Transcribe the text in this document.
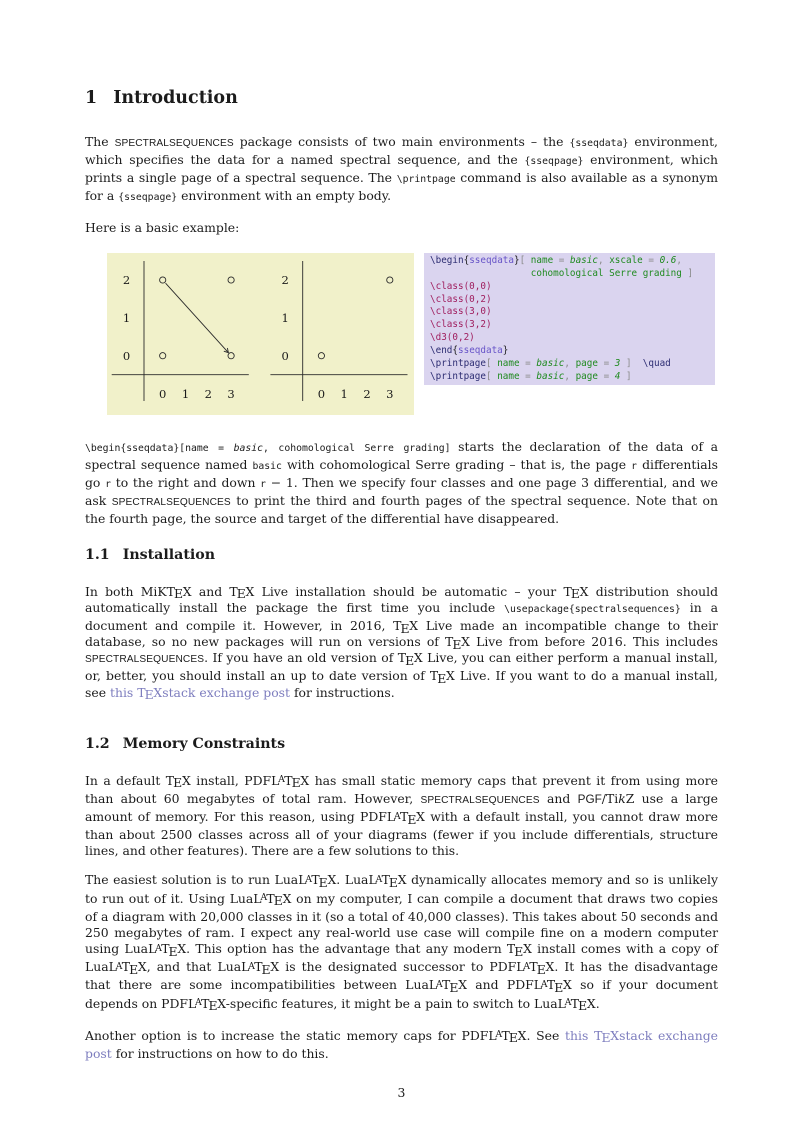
1 Introduction

The SPECTRALSEQUENCES package consists of two main environments – the {sseqdata} environment, which specifies the data for a named spectral sequence, and the {sseqpage} environment, which prints a single page of a spectral sequence. The \printpage command is also available as a synonym for a {sseqpage} environment with an empty body.

Here is a basic example:

2
1
0
0 1 2 3
2
1
0
0 1 2 3
\begin{sseqdata}[ name = basic, xscale = 0.6,
cohomological Serre grading ]
\class(0,0)
\class(0,2)
\class(3,0)
\class(3,2)
\d3(0,2)
\end{sseqdata}
\printpage[ name = basic, page = 3 ] \quad
\printpage[ name = basic, page = 4 ]

\begin{sseqdata}[name = basic, cohomological Serre grading] starts the declaration of the data of a spectral sequence named basic with cohomological Serre grading – that is, the page r differentials go r to the right and down r − 1. Then we specify four classes and one page 3 differential, and we ask SPECTRALSEQUENCES to print the third and fourth pages of the spectral sequence. Note that on the fourth page, the source and target of the differential have disappeared.

1.1 Installation

In both MiKTEX and TEX Live installation should be automatic – your TEX distribution should automatically install the package the first time you include \usepackage{spectralsequences} in a document and compile it. However, in 2016, TEX Live made an incompatible change to their database, so no new packages will run on versions of TEX Live from before 2016. This includes SPECTRALSEQUENCES. If you have an old version of TEX Live, you can either perform a manual install, or, better, you should install an up to date version of TEX Live. If you want to do a manual install, see this TEXstack exchange post for instructions.

1.2 Memory Constraints

In a default TEX install, PDFLATEX has small static memory caps that prevent it from using more than about 60 megabytes of total ram. However, SPECTRALSEQUENCES and PGF/TikZ use a large amount of memory. For this reason, using PDFLATEX with a default install, you cannot draw more than about 2500 classes across all of your diagrams (fewer if you include differentials, structure lines, and other features). There are a few solutions to this.

The easiest solution is to run LuaLATEX. LuaLATEX dynamically allocates memory and so is unlikely to run out of it. Using LuaLATEX on my computer, I can compile a document that draws two copies of a diagram with 20,000 classes in it (so a total of 40,000 classes). This takes about 50 seconds and 250 megabytes of ram. I expect any real-world use case will compile fine on a modern computer using LuaLATEX. This option has the advantage that any modern TEX install comes with a copy of LuaLATEX, and that LuaLATEX is the designated successor to PDFLATEX. It has the disadvantage that there are some incompatibilities between LuaLATEX and PDFLATEX so if your document depends on PDFLATEX-specific features, it might be a pain to switch to LuaLATEX.

Another option is to increase the static memory caps for PDFLATEX. See this TEXstack exchange post for instructions on how to do this.

3
